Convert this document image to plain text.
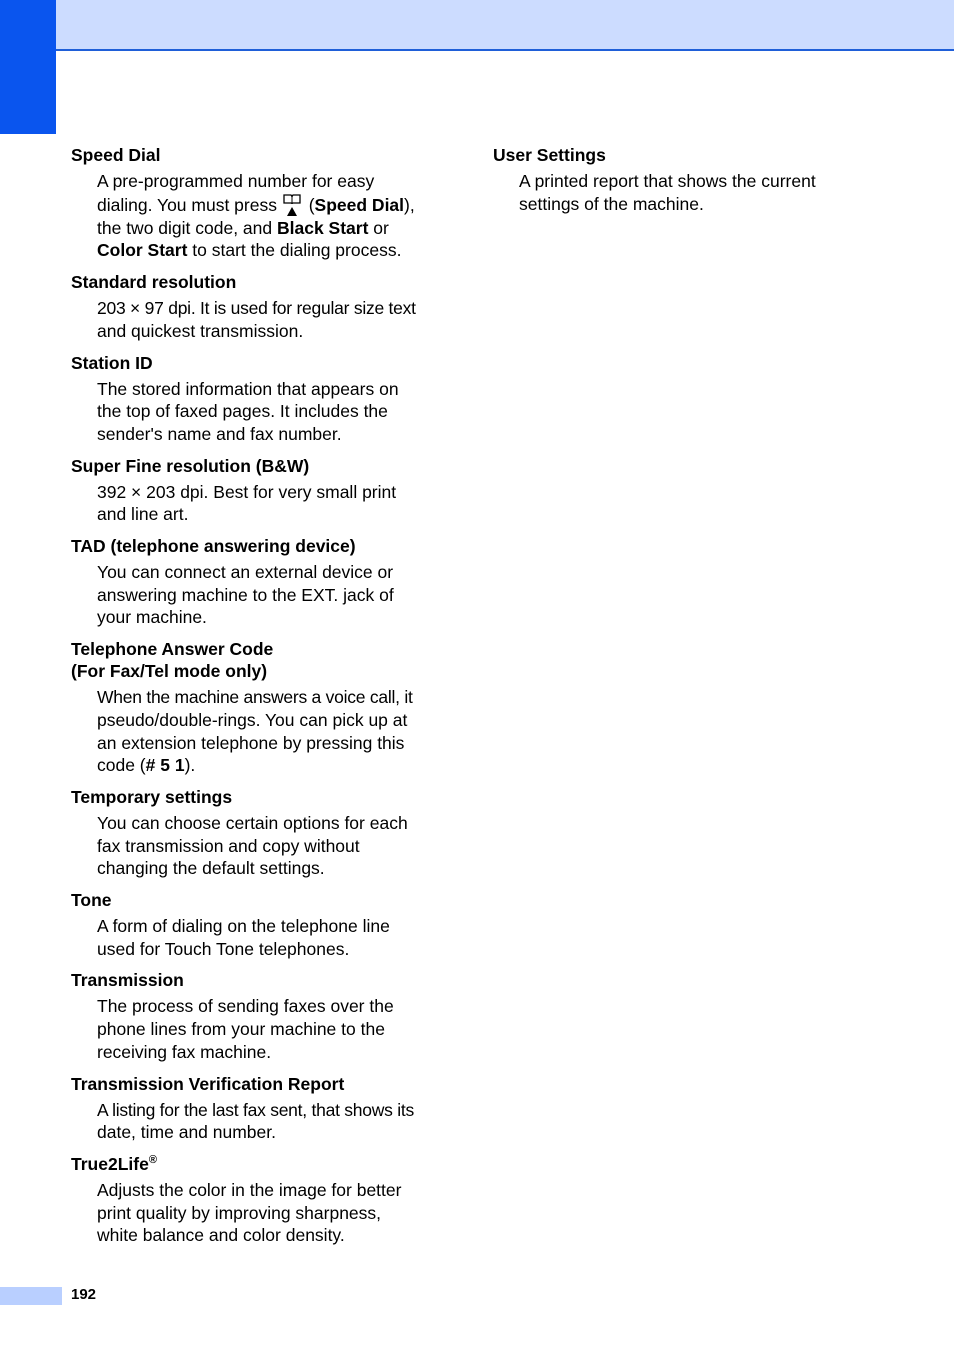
Speed Dial

A pre-programmed number for easy
dialing. You must press  (Speed Dial),
the two digit code, and Black Start or
Color Start to start the dialing process.

Standard resolution

203 × 97 dpi. It is used for regular size text
and quickest transmission.

Station ID

The stored information that appears on
the top of faxed pages. It includes the
sender's name and fax number.

Super Fine resolution (B&W)

392 × 203 dpi. Best for very small print
and line art.

TAD (telephone answering device)

You can connect an external device or
answering machine to the EXT. jack of
your machine.

Telephone Answer Code

(For Fax/Tel mode only)

When the machine answers a voice call, it
pseudo/double-rings. You can pick up at
an extension telephone by pressing this
code (# 5 1).

Temporary settings

You can choose certain options for each
fax transmission and copy without
changing the default settings.

Tone

A form of dialing on the telephone line
used for Touch Tone telephones.

Transmission

The process of sending faxes over the
phone lines from your machine to the
receiving fax machine.

Transmission Verification Report

A listing for the last fax sent, that shows its
date, time and number.

True2Life®

Adjusts the color in the image for better
print quality by improving sharpness,
white balance and color density.

User Settings

A printed report that shows the current
settings of the machine.
192
